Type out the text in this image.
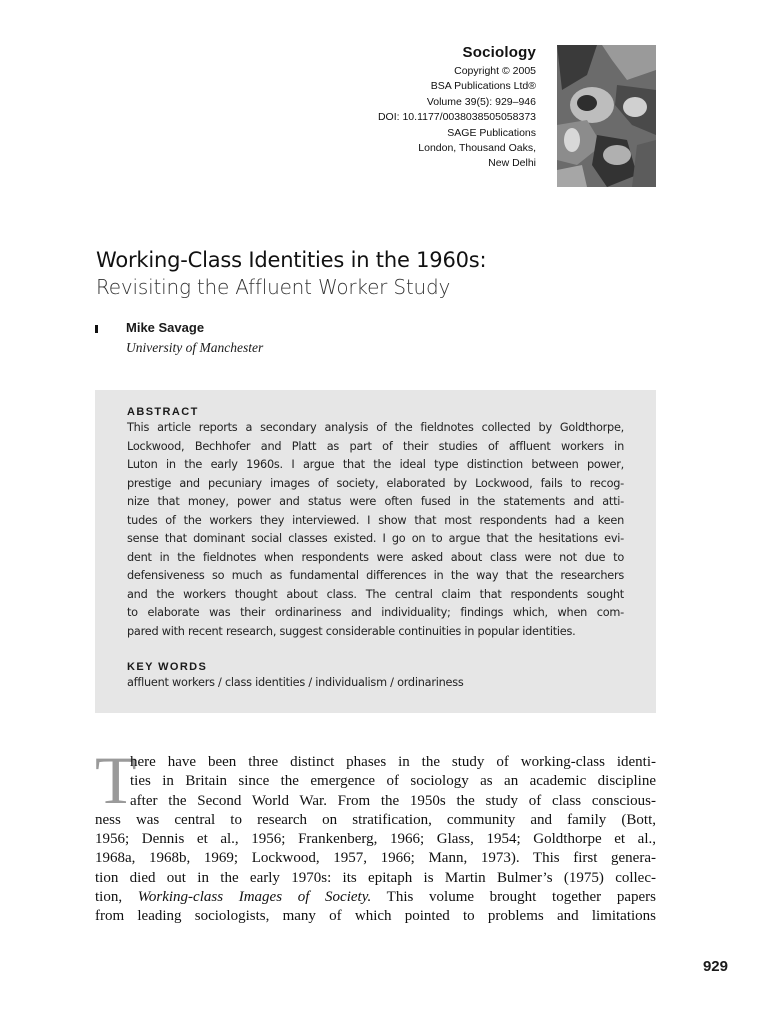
Sociology
Copyright © 2005
BSA Publications Ltd®
Volume 39(5): 929–946
DOI: 10.1177/0038038505058373
SAGE Publications
London, Thousand Oaks,
New Delhi
Working-Class Identities in the 1960s:
Revisiting the Affluent Worker Study
Mike Savage
University of Manchester

ABSTRACT

This article reports a secondary analysis of the fieldnotes collected by Goldthorpe,
Lockwood, Bechhofer and Platt as part of their studies of affluent workers in
Luton in the early 1960s. I argue that the ideal type distinction between power,
prestige and pecuniary images of society, elaborated by Lockwood, fails to recog-
nize that money, power and status were often fused in the statements and atti-
tudes of the workers they interviewed. I show that most respondents had a keen
sense that dominant social classes existed. I go on to argue that the hesitations evi-
dent in the fieldnotes when respondents were asked about class were not due to
defensiveness so much as fundamental differences in the way that the researchers
and the workers thought about class. The central claim that respondents sought
to elaborate was their ordinariness and individuality; findings which, when com-
pared with recent research, suggest considerable continuities in popular identities.

KEY WORDS

affluent workers / class identities / individualism / ordinariness

T

here have been three distinct phases in the study of working-class identi-
ties in Britain since the emergence of sociology as an academic discipline
after the Second World War. From the 1950s the study of class conscious-
ness was central to research on stratification, community and family (Bott,
1956; Dennis et al., 1956; Frankenberg, 1966; Glass, 1954; Goldthorpe et al.,
1968a, 1968b, 1969; Lockwood, 1957, 1966; Mann, 1973). This first genera-
tion died out in the early 1970s: its epitaph is Martin Bulmer’s (1975) collec-
tion, Working-class Images of Society. This volume brought together papers
from leading sociologists, many of which pointed to problems and limitations

929
